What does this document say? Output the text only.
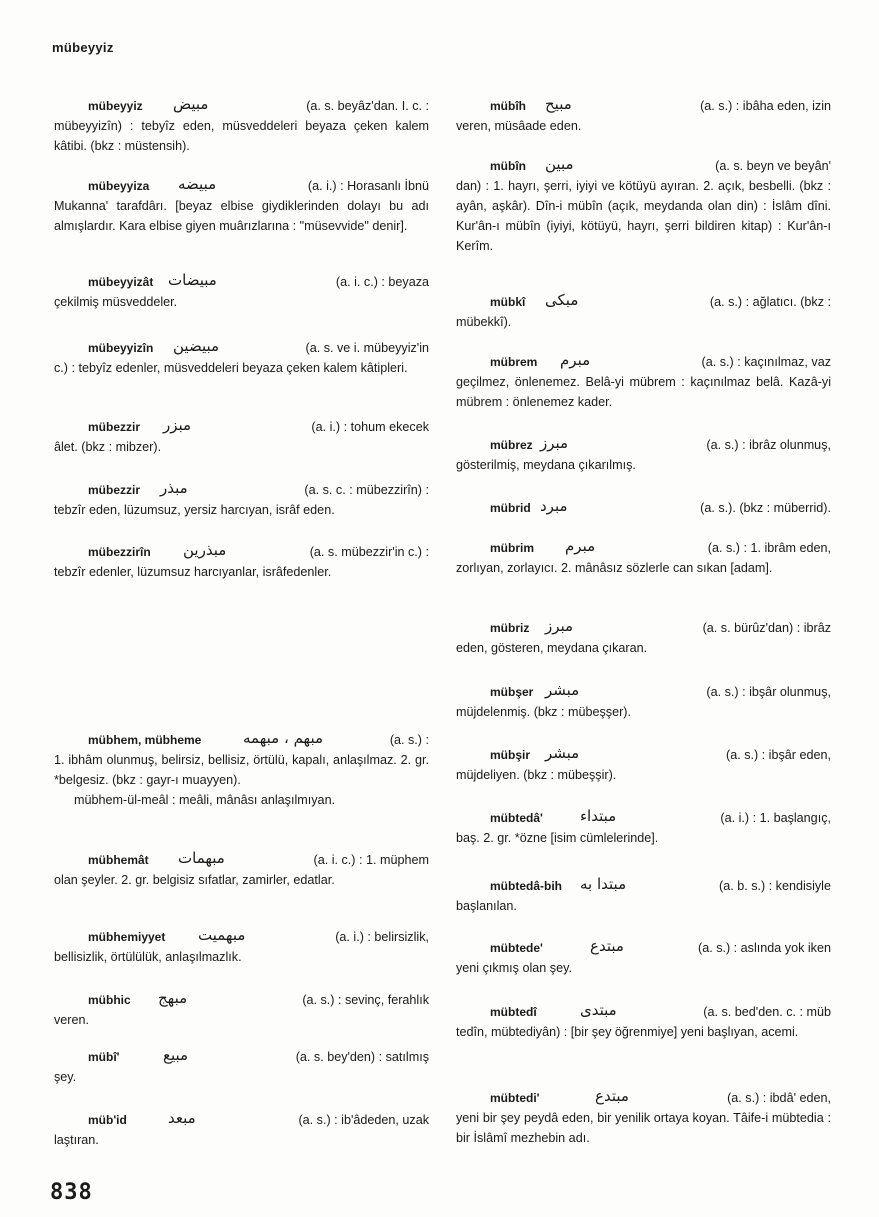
mübeyyiz
mübeyyiz مبيض	(a. s. beyâz'dan. I. c. :
mübeyyizîn) : tebyîz eden, müsveddeleri beyaza çeken kalem kâtibi. (bkz : müstensih).
mübeyyiza مبيضه	(a. i.) : Horasanlı İbnü
Mukanna' tarafdârı. [beyaz elbise giydiklerinden dolayı bu adı almışlardır. Kara elbise giyen muârızlarına : "müsevvide" denir].
mübeyyizât مبيضات	(a. i. c.) : beyaza
çekilmiş müsveddeler.
mübeyyizîn مبيضين	(a. s. ve i. mübeyyiz'in
c.) : tebyîz edenler, müsveddeleri beyaza çeken kalem kâtipleri.
mübezzir مبزر	(a. i.) : tohum ekecek
âlet. (bkz : mibzer).
mübezzir مبذر	(a. s. c. : mübezzirîn) :
tebzîr eden, lüzumsuz, yersiz harcıyan, isrâf eden.
mübezzirîn مبذرين	(a. s. mübezzir'in c.) :
tebzîr edenler, lüzumsuz harcıyanlar, isrâfedenler.
mübhem, mübheme	مبهم ، مبهمه	(a. s.) :
1. ibhâm olunmuş, belirsiz, bellisiz, örtülü, kapalı, anlaşılmaz. 2. gr. *belgesiz. (bkz : gayr-ı muayyen).
mübhem-ül-meâl : meâli, mânâsı anlaşılmıyan.
mübhemât مبهمات	(a. i. c.) : 1. müphem
olan şeyler. 2. gr. belgisiz sıfatlar, zamirler, edatlar.
mübhemiyyet مبهميت	(a. i.) : belirsizlik,
bellisizlik, örtülülük, anlaşılmazlık.
mübhic مبهج	(a. s.) : sevinç, ferahlık
veren.
mübî'	مبيع	(a. s. bey'den) : satılmış
şey.
müb'id	مبعد	(a. s.) : ib'âdeden, uzak
laştıran.
mübîh مبيح	(a. s.) : ibâha eden, izin
veren, müsâade eden.
mübîn مبين	(a. s. beyn ve beyân'
dan) : 1. hayrı, şerri, iyiyi ve kötüyü ayıran. 2. açık, besbelli. (bkz : ayân, aşkâr). Dîn-i mübîn (açık, meydanda olan din) : İslâm dîni. Kur'ân-ı mübîn (iyiyi, kötüyü, hayrı, şerri bildiren kitap) : Kur'ân-ı Kerîm.
mübkî مبكى	(a. s.) : ağlatıcı. (bkz :
mübekkî).
mübrem مبرم	(a. s.) : kaçınılmaz, vaz
geçilmez, önlenemez. Belâ-yi mübrem : kaçınılmaz belâ. Kazâ-yi mübrem : önlenemez kader.
mübrez مبرز	(a. s.) : ibrâz olunmuş,
gösterilmiş, meydana çıkarılmış.
mübrid مبرد	(a. s.). (bkz : müberrid).
mübrim مبرم	(a. s.) : 1. ibrâm eden,
zorlıyan, zorlayıcı. 2. mânâsız sözlerle can sıkan [adam].
mübriz مبرز	(a. s. bürûz'dan) : ibrâz
eden, gösteren, meydana çıkaran.
mübşer مبشر	(a. s.) : ibşâr olunmuş,
müjdelenmiş. (bkz : mübeşşer).
mübşir مبشر	(a. s.) : ibşâr eden,
müjdeliyen. (bkz : mübeşşir).
mübtedâ' مبتداء	(a. i.) : 1. başlangıç,
baş. 2. gr. *özne [isim cümlelerinde].
mübtedâ-bih مبتدا به	(a. b. s.) : kendisiyle
başlanılan.
mübtede'	مبتدع	(a. s.) : aslında yok iken
yeni çıkmış olan şey.
mübtedî	مبتدى	(a. s. bed'den. c. : müb
tedîn, mübtediyân) : [bir şey öğrenmiye] yeni başlıyan, acemi.
mübtedi'	مبتدع	(a. s.) : ibdâ' eden,
yeni bir şey peydâ eden, bir yenilik ortaya koyan. Tâife-i mübtedia : bir İslâmî mezhebin adı.
838
